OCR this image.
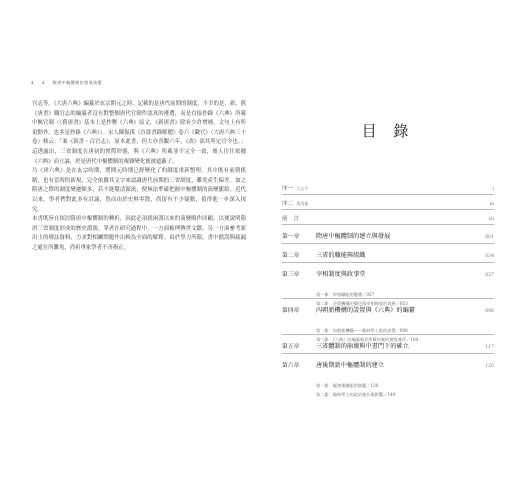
4 4 隋唐中樞體制的發展演變

官志等。《大唐六典》編纂於玄宗開元之時，記載的是唐代前期的制度，不幸的是，新、舊《唐書》職官志的編纂者沒有對整個唐代官制作認真的遴選，而是直接抄錄《六典》所載中樞官制（《舊唐書》基本上是抄襲《六典》原文，《新唐書》除有少許增補，文句上有所更動外，也多是抄錄《六典》）。宋人陳振孫《直齋書錄解題》卷六《職官》（大唐六典三十卷）條云：「案《新書・百官志》，原本此書，但大亦喜觀六年，《改》部其所定官令也。」這透露出，三省制度在唐初的實際形態，與《六典》所載並不完全一致，後人往往依據《六典》而立論，於是唐代中樞體制的複雜變化便被遮蔽了。

乃《唐六典》是在玄宗時期，將開元時期已經變化了的制度重新整理，其中既有前朝舊制，也有當時的新規，完全依據其文字來認識唐代前期的三省制度，難免產生偏差。加之隋唐之際的制度變遷頗多，若不能釐清源流，便無法準確把握中樞體制的演變脈絡。近代以來，學者們對此多有討論，然而由於史料零散，尚留有不少疑點，值得進一步深入探究。

本書既旨在探討隋唐中樞體制的轉折，因此必須就兩漢以來的演變略作回顧，以便說明隋唐三省制度形成的歷史淵源。筆者在研究過程中，一方面梳理傳世文獻，另一方面參考新出土的碑誌資料，力求對相關問題作出較為全面的解釋。由於學力所限，書中錯誤與疏漏之處在所難免，尚祈專家學者不吝指正。

目 錄
序一 王志平	i
序二 黃清連	iii
前　言	xii
第一章	隋唐中樞體制的建立與發展	001
第二章	三省的職能與組織	034
第三章	宰相制度與政事堂	037
第一節　宰相職能的變遷／057
第二節　決策機構的變化與宰相制度的發展／053
第四章	內朝新機構的設置與《六典》的編纂	096
第一節　內朝新機構——翰林學士院的設置／096
第二節　《六典》的編纂與其所載官制的實際運作／104
第五章	三省體制的崩壞與中書門下的確立	117
第六章	唐後期新中樞體制的建立	120
第一節　樞密使職能的演變／120
第二節　翰林學士的政治地位與影響／144
